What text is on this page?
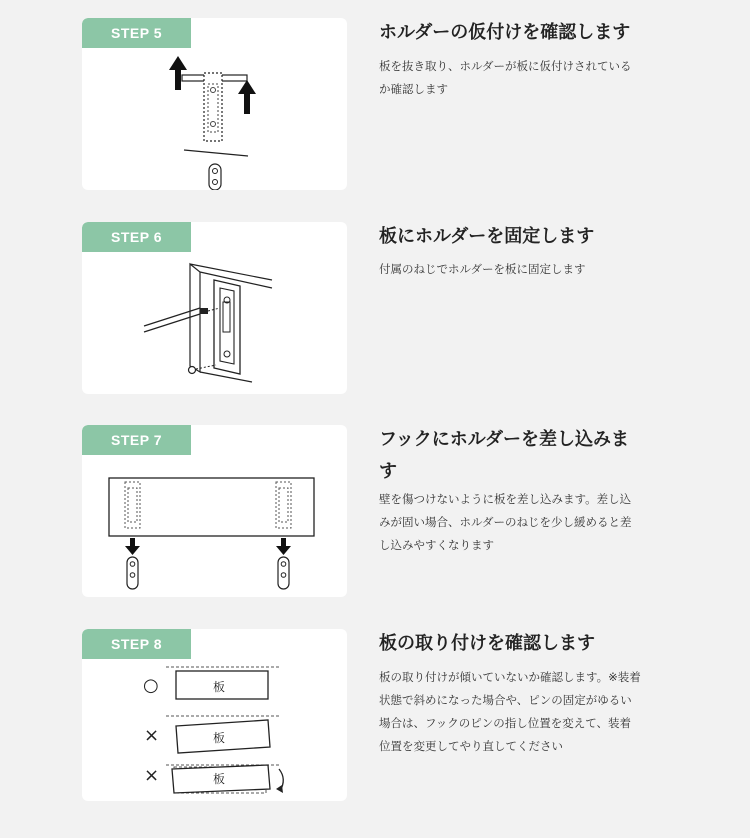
STEP 5	ホルダーの仮付けを確認します

板を抜き取り、ホルダーが板に仮付けされているか確認します

STEP 6	板にホルダーを固定します

付属のねじでホルダーを板に固定します

STEP 7	フックにホルダーを差し込みます

壁を傷つけないように板を差し込みます。差し込みが固い場合、ホルダーのねじを少し緩めると差し込みやすくなります

STEP 8
○	板
×	板
×	板
板の取り付けを確認します

板の取り付けが傾いていないか確認します。※装着状態で斜めになった場合や、ピンの固定がゆるい場合は、フックのピンの指し位置を変えて、装着位置を変更してやり直してください
